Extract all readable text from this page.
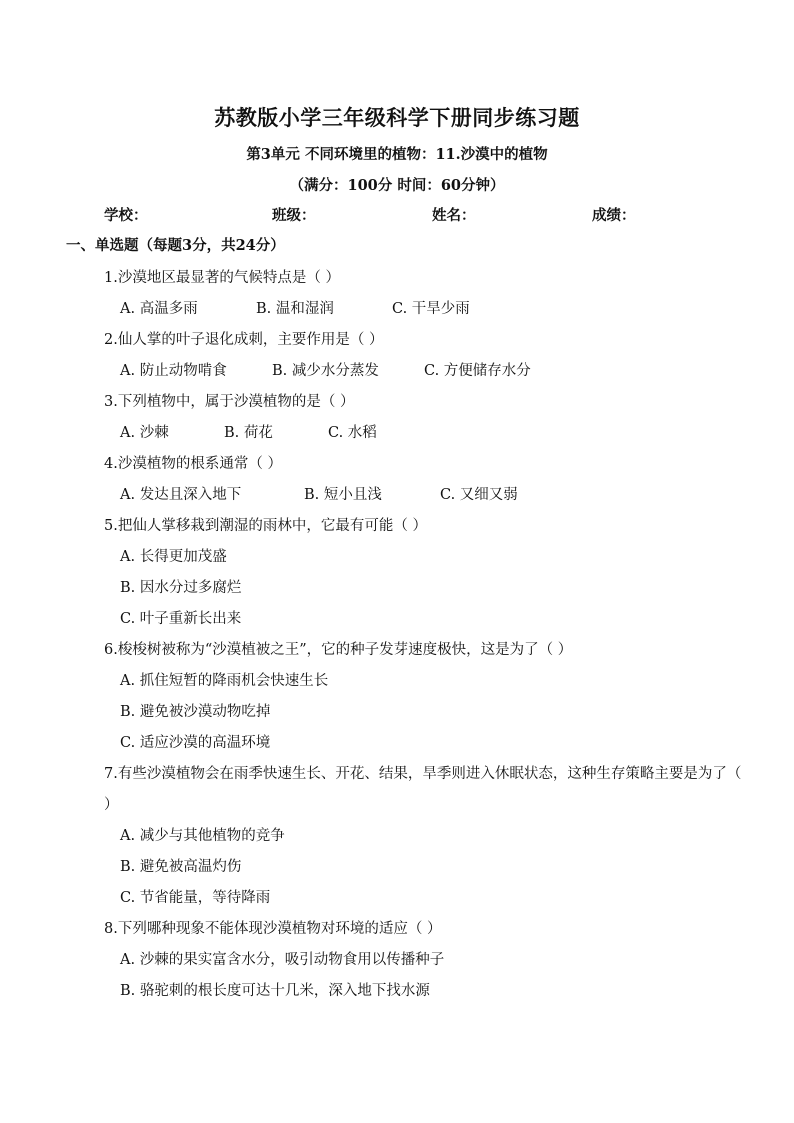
苏教版小学三年级科学下册同步练习题
第3单元 不同环境里的植物：11.沙漠中的植物
（满分：100分 时间：60分钟）
学校：	班级：	姓名：	成绩：
一、单选题（每题3分，共24分）
1.沙漠地区最显著的气候特点是（ ）
A. 高温多雨	B. 温和湿润	C. 干旱少雨
2.仙人掌的叶子退化成刺，主要作用是（ ）
A. 防止动物啃食	B. 减少水分蒸发	C. 方便储存水分
3.下列植物中，属于沙漠植物的是（ ）
A. 沙棘	B. 荷花	C. 水稻
4.沙漠植物的根系通常（ ）
A. 发达且深入地下	B. 短小且浅	C. 又细又弱
5.把仙人掌移栽到潮湿的雨林中，它最有可能（ ）
A. 长得更加茂盛
B. 因水分过多腐烂
C. 叶子重新长出来
6.梭梭树被称为“沙漠植被之王”，它的种子发芽速度极快，这是为了（ ）
A. 抓住短暂的降雨机会快速生长
B. 避免被沙漠动物吃掉
C. 适应沙漠的高温环境
7.有些沙漠植物会在雨季快速生长、开花、结果，旱季则进入休眠状态，这种生存策略主要是为了（ ）
A. 减少与其他植物的竞争
B. 避免被高温灼伤
C. 节省能量，等待降雨
8.下列哪种现象不能体现沙漠植物对环境的适应（ ）
A. 沙棘的果实富含水分，吸引动物食用以传播种子
B. 骆驼刺的根长度可达十几米，深入地下找水源
